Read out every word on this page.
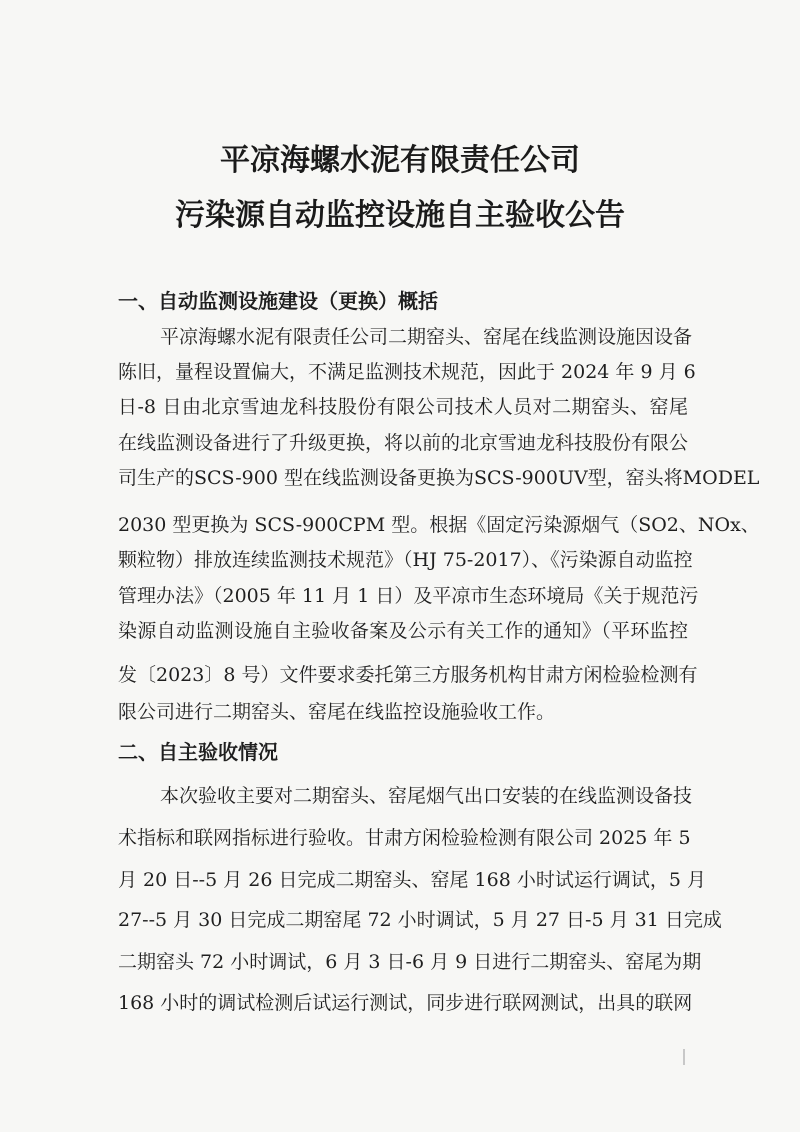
平凉海螺水泥有限责任公司
污染源自动监控设施自主验收公告
一、自动监测设施建设（更换）概括
平凉海螺水泥有限责任公司二期窑头、窑尾在线监测设施因设备
陈旧，量程设置偏大，不满足监测技术规范，因此于 2024 年 9 月 6
日-8 日由北京雪迪龙科技股份有限公司技术人员对二期窑头、窑尾
在线监测设备进行了升级更换，将以前的北京雪迪龙科技股份有限公
司生产的SCS-900 型在线监测设备更换为SCS-900UV型，窑头将MODEL
2030 型更换为 SCS-900CPM 型。根据《固定污染源烟气（SO2、NOx、
颗粒物）排放连续监测技术规范》（HJ 75-2017）、《污染源自动监控
管理办法》（2005 年 11 月 1 日）及平凉市生态环境局《关于规范污
染源自动监测设施自主验收备案及公示有关工作的通知》（平环监控
发〔2023〕8 号）文件要求委托第三方服务机构甘肃方闲检验检测有
限公司进行二期窑头、窑尾在线监控设施验收工作。
二、自主验收情况
本次验收主要对二期窑头、窑尾烟气出口安装的在线监测设备技
术指标和联网指标进行验收。甘肃方闲检验检测有限公司 2025 年 5
月 20 日--5 月 26 日完成二期窑头、窑尾 168 小时试运行调试，5 月
27--5 月 30 日完成二期窑尾 72 小时调试，5 月 27 日-5 月 31 日完成
二期窑头 72 小时调试，6 月 3 日-6 月 9 日进行二期窑头、窑尾为期
168 小时的调试检测后试运行测试，同步进行联网测试，出具的联网
